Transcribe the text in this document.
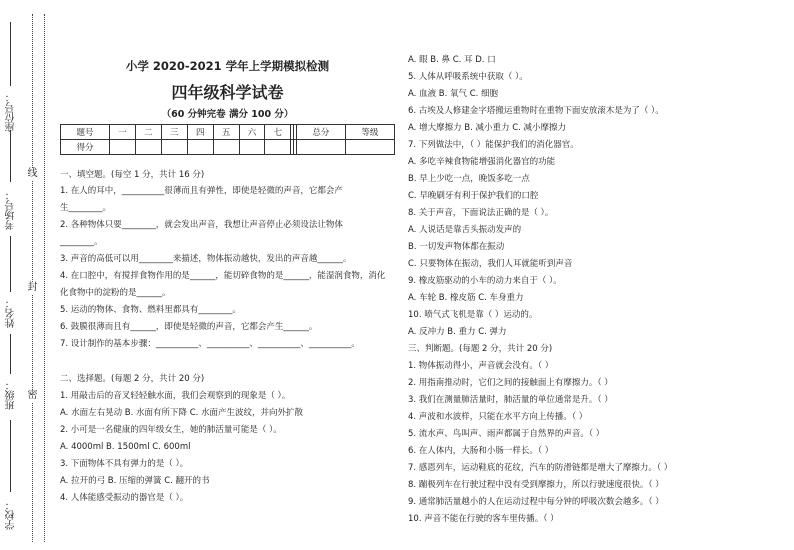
线
封
密
座位号：
考场号：
姓名：
班级：
学校：
小学 2020-2021 学年上学期模拟检测
四年级科学试卷
（60 分钟完卷 满分 100 分）
题号	一	二	三	四	五	六	七			总分	等级
得分											
一、填空题。(每空 1 分，共计 16 分)
1. 在人的耳中，__________很薄而且有弹性，即使是轻微的声音，它都会产
生________。
2. 各种物体只要________，就会发出声音，我想让声音停止必须设法让物体
________。
3. 声音的高低可以用________来描述，物体振动越快，发出的声音越______。
4. 在口腔中，有搅拌食物作用的是______，能切碎食物的是______，能湿润食物，消化
化食物中的淀粉的是______。
5. 运动的物体、食物、燃料里都具有________。
6. 鼓膜很薄而且有______，即使是轻微的声音，它都会产生______。
7. 设计制作的基本步骤：__________、__________、__________、__________。
二、选择题。(每题 2 分，共计 20 分)
1. 用敲击后的音叉轻轻触水面，我们会观察到的现象是（ ）。
A. 水面左右晃动 B. 水面有所下降 C. 水面产生波纹，并向外扩散
2. 小可是一名健康的四年级女生，她的肺活量可能是（ ）。
A. 4000ml B. 1500ml C. 600ml
3. 下面物体不具有弹力的是（ ）。
A. 拉开的弓 B. 压缩的弹簧 C. 翻开的书
4. 人体能感受振动的器官是（ ）。
A. 眼 B. 鼻 C. 耳 D. 口
5. 人体从呼吸系统中获取（ ）。
A. 血液 B. 氧气 C. 细胞
6. 古埃及人修建金字塔搬运重物时在重物下面安放滚木是为了（ ）。
A. 增大摩擦力 B. 减小重力 C. 减小摩擦力
7. 下列做法中，（ ）能保护我们的消化器官。
A. 多吃辛辣食物能增强消化器官的功能
B. 早上少吃一点，晚饭多吃一点
C. 早晚刷牙有利于保护我们的口腔
8. 关于声音，下面说法正确的是（ ）。
A. 人说话是靠舌头振动发声的
B. 一切发声物体都在振动
C. 只要物体在振动，我们人耳就能听到声音
9. 橡皮筋驱动的小车的动力来自于（ ）。
A. 车轮 B. 橡皮筋 C. 车身重力
10. 喷气式飞机是靠（ ）运动的。
A. 反冲力 B. 重力 C. 弹力
三、判断题。(每题 2 分，共计 20 分)
1. 物体振动得小，声音就会没有。（ ）
2. 用指南推动时，它们之间的接触面上有摩擦力。（ ）
3. 我们在测量肺活量时，肺活量的单位通常是升。（ ）
4. 声波和水波样，只能在水平方向上传播。（ ）
5. 流水声、鸟叫声、雨声都属于自然界的声音。（ ）
6. 在人体内，大肠和小肠一样长。（ ）
7. 感恩列车，运动鞋底的花纹，汽车的防滑链都是增大了摩擦力。（ ）
8. 蹦极列车在行驶过程中没有受到摩擦力，所以行驶速度很快。（ ）
9. 通常肺活量越小的人在运动过程中每分钟的呼吸次数会越多。（ ）
10. 声音不能在行驶的客车里传播。（ ）
